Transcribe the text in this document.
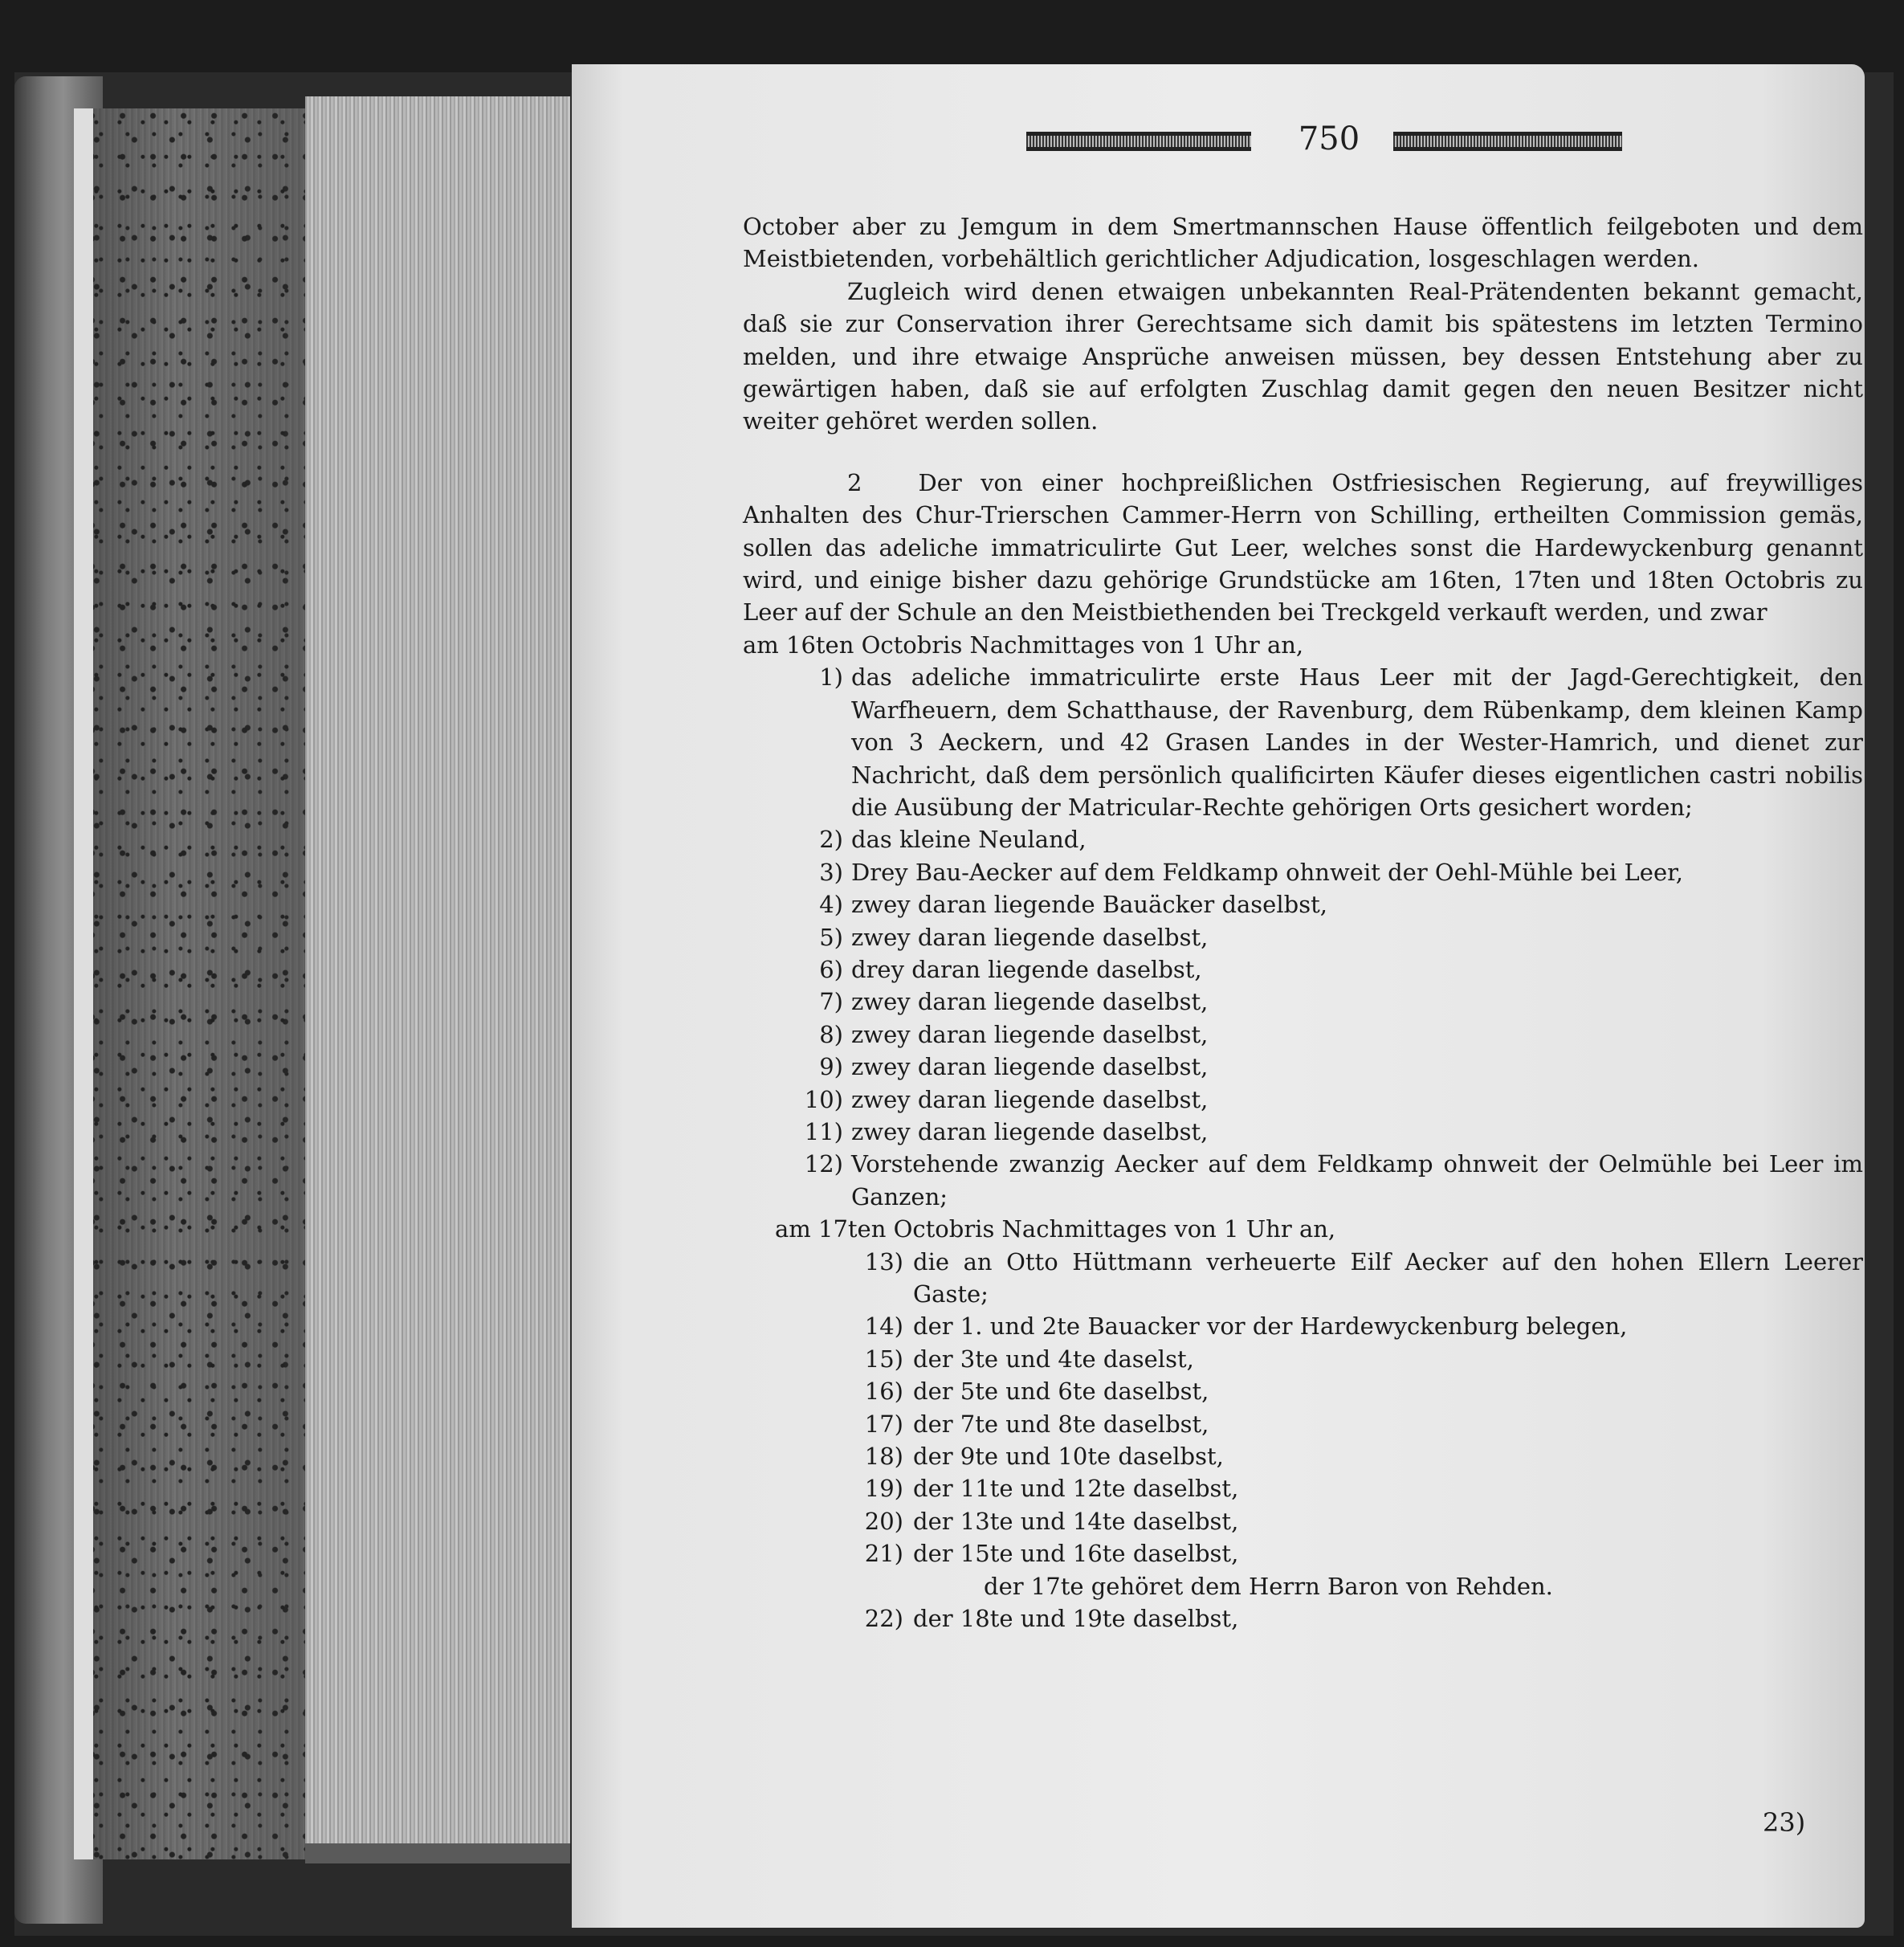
750

October aber zu Jemgum in dem Smertmannschen Hause öffentlich feilgeboten und dem Meistbietenden, vorbehältlich gerichtlicher Adjudication, losgeschlagen werden.

Zugleich wird denen etwaigen unbekannten Real-Prätendenten bekannt gemacht, daß sie zur Conservation ihrer Gerechtsame sich damit bis spätestens im letzten Termino melden, und ihre etwaige Ansprüche anweisen müssen, bey dessen Entstehung aber zu gewärtigen haben, daß sie auf erfolgten Zuschlag damit gegen den neuen Besitzer nicht weiter gehöret werden sollen.

2 Der von einer hochpreißlichen Ostfriesischen Regierung, auf freywilliges Anhalten des Chur-Trierschen Cammer-Herrn von Schilling, ertheilten Commission gemäs, sollen das adeliche immatriculirte Gut Leer, welches sonst die Hardewyckenburg genannt wird, und einige bisher dazu gehörige Grundstücke am 16ten, 17ten und 18ten Octobris zu Leer auf der Schule an den Meistbiethenden bei Treckgeld verkauft werden, und zwar

am 16ten Octobris Nachmittages von 1 Uhr an,

1) das adeliche immatriculirte erste Haus Leer mit der Jagd-Gerechtigkeit, den Warfheuern, dem Schatthause, der Ravenburg, dem Rübenkamp, dem kleinen Kamp von 3 Aeckern, und 42 Grasen Landes in der Wester-Hamrich, und dienet zur Nachricht, daß dem persönlich qualificirten Käufer dieses eigentlichen castri nobilis die Ausübung der Matricular-Rechte gehörigen Orts gesichert worden;
2) das kleine Neuland,
3) Drey Bau-Aecker auf dem Feldkamp ohnweit der Oehl-Mühle bei Leer,
4) zwey daran liegende Bauäcker daselbst,
5) zwey daran liegende daselbst,
6) drey daran liegende daselbst,
7) zwey daran liegende daselbst,
8) zwey daran liegende daselbst,
9) zwey daran liegende daselbst,
10) zwey daran liegende daselbst,
11) zwey daran liegende daselbst,
12) Vorstehende zwanzig Aecker auf dem Feldkamp ohnweit der Oelmühle bei Leer im Ganzen;

am 17ten Octobris Nachmittages von 1 Uhr an,

13) die an Otto Hüttmann verheuerte Eilf Aecker auf den hohen Ellern Leerer Gaste;
14) der 1. und 2te Bauacker vor der Hardewyckenburg belegen,
15) der 3te und 4te daselst,
16) der 5te und 6te daselbst,
17) der 7te und 8te daselbst,
18) der 9te und 10te daselbst,
19) der 11te und 12te daselbst,
20) der 13te und 14te daselbst,
21) der 15te und 16te daselbst,

der 17te gehöret dem Herrn Baron von Rehden.

22) der 18te und 19te daselbst,
23)
